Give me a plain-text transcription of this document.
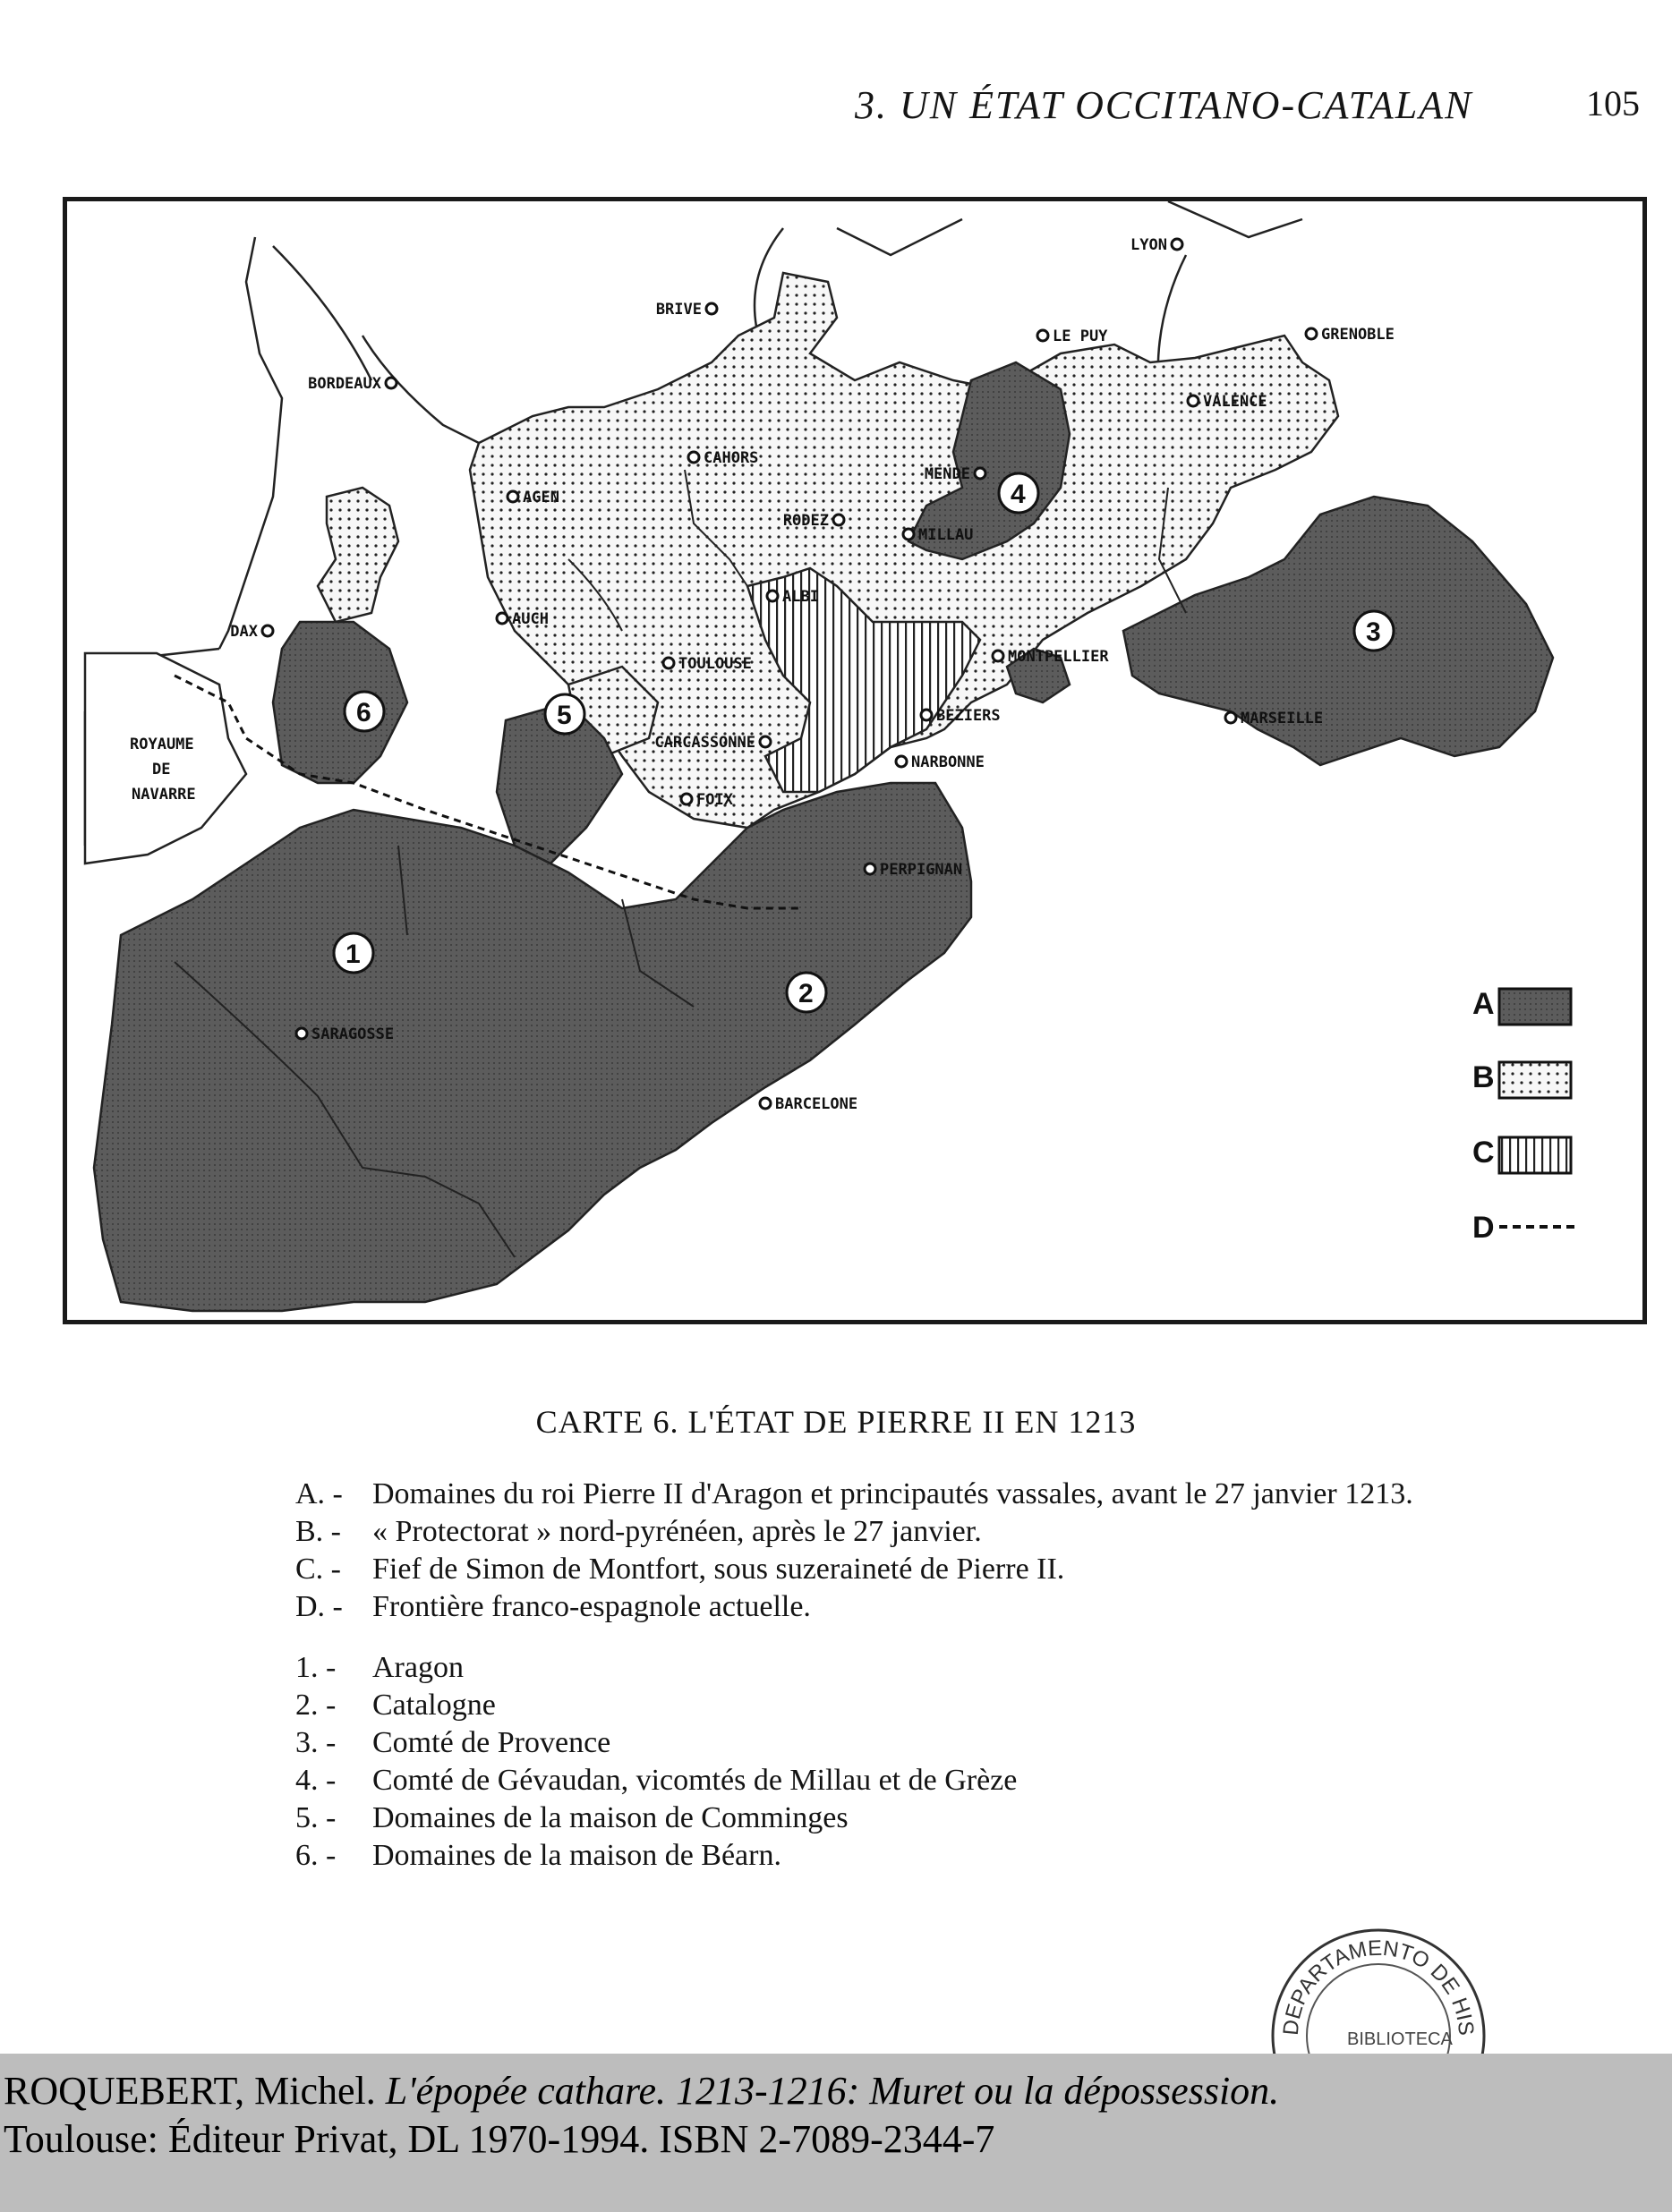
3. UN ÉTAT OCCITANO-CATALAN	105
LYON
BRIVE
LE PUY	GRENOBLE
BORDEAUX
VALENCE
CAHORS
AGEN
MENDE
RODEZ
MILLAU
ALBI
AUCH
DAX
TOULOUSE	MONTPELLIER
BEZIERS	MARSEILLE
CARCASSONNE
NARBONNE
FOIX
PERPIGNAN
SARAGOSSE
BARCELONE
ROYAUME
DE
NAVARRE
1
2
3
4
5
6
A
B
C
D
CARTE 6. L'ÉTAT DE PIERRE II EN 1213
A. - Domaines du roi Pierre II d'Aragon et principautés vassales, avant le 27 janvier 1213.
B. -	« Protectorat » nord-pyrénéen, après le 27 janvier.
C. -	Fief de Simon de Montfort, sous suzeraineté de Pierre II.
D. - Frontière franco-espagnole actuelle.
1. -	Aragon
2. -	Catalogne
3. -	Comté de Provence
4. -	Comté de Gévaudan, vicomtés de Millau et de Grèze
5. -	Domaines de la maison de Comminges
6. -	Domaines de la maison de Béarn.
DEPARTAMENTO DE HIS
BIBLIOTECA
ROQUEBERT, Michel. L'épopée cathare. 1213-1216: Muret ou la dépossession.
Toulouse: Éditeur Privat, DL 1970-1994. ISBN 2-7089-2344-7
